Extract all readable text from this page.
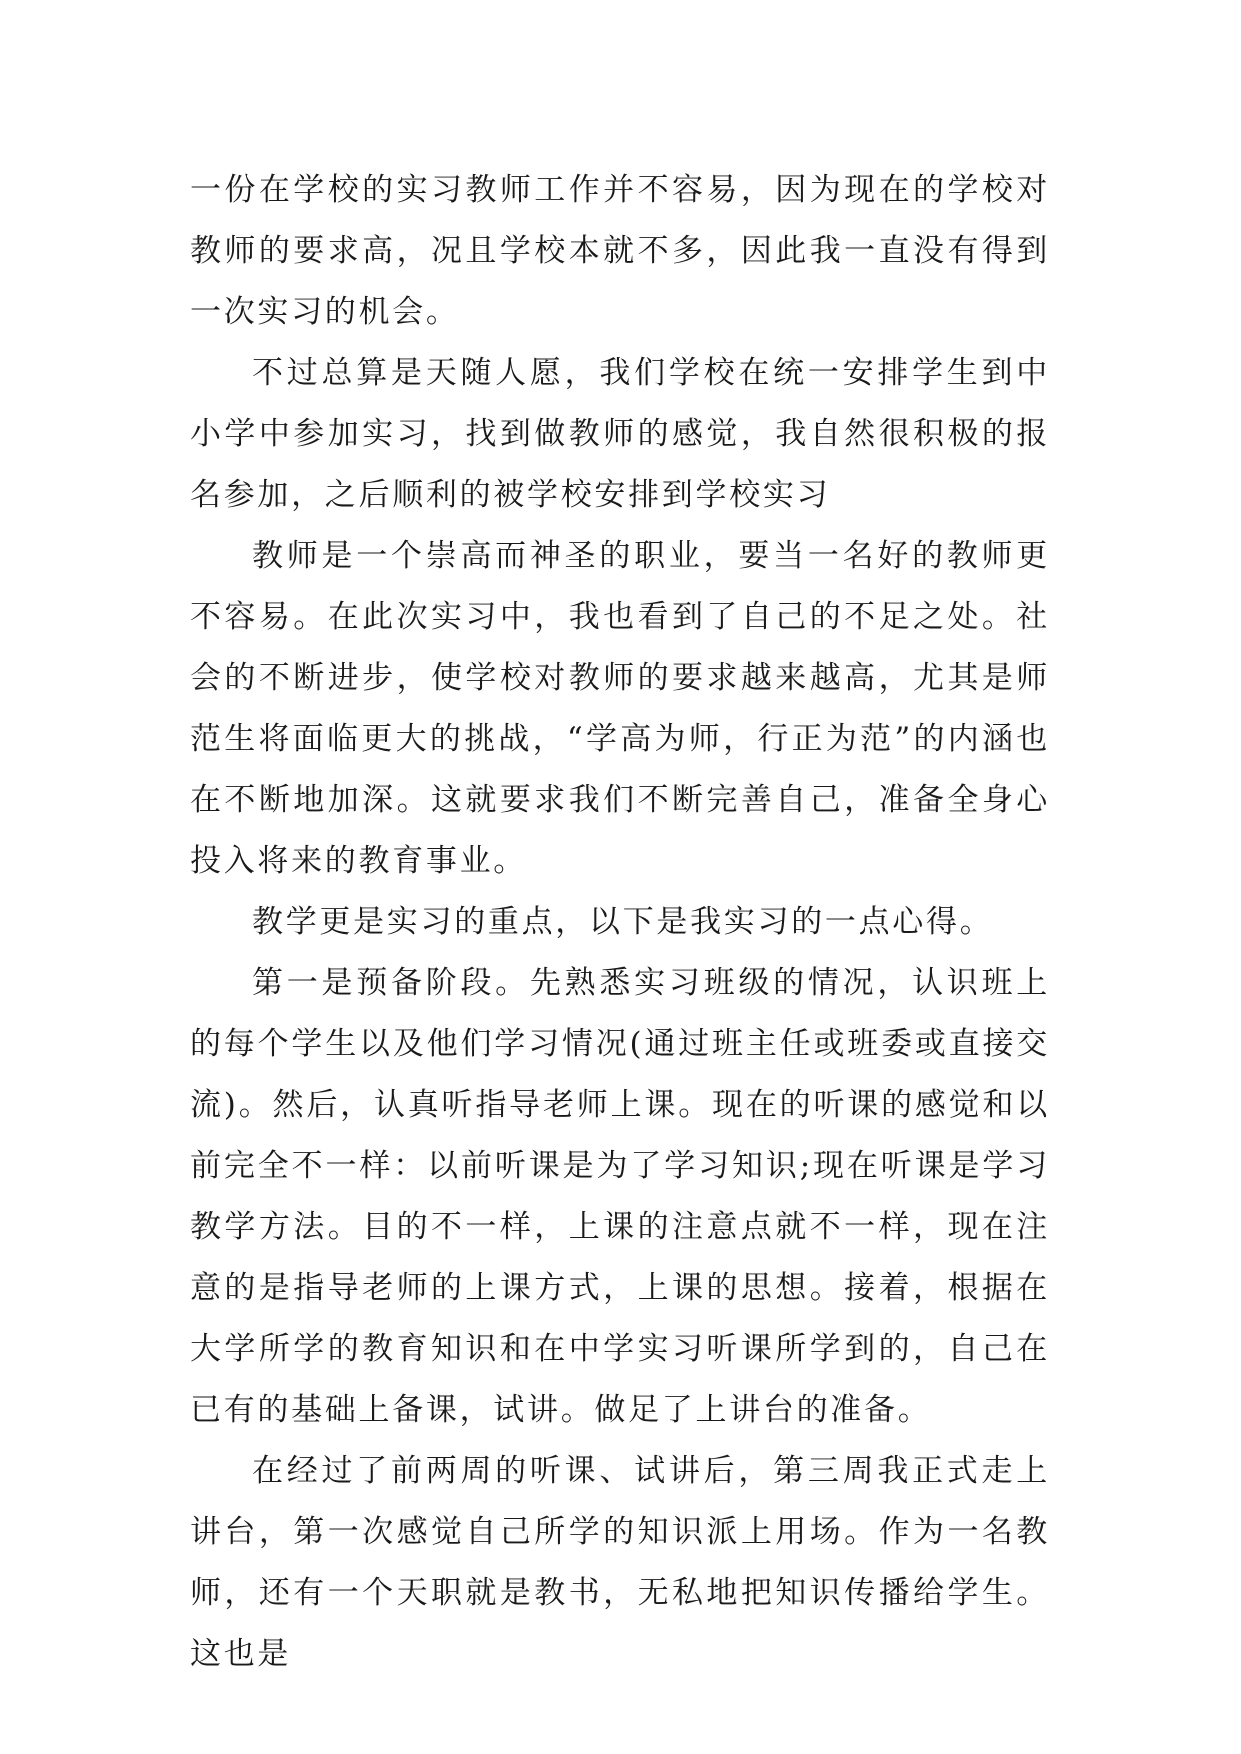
一份在学校的实习教师工作并不容易，因为现在的学校对教师的要求高，况且学校本就不多，因此我一直没有得到一次实习的机会。

不过总算是天随人愿，我们学校在统一安排学生到中小学中参加实习，找到做教师的感觉，我自然很积极的报名参加，之后顺利的被学校安排到学校实习

教师是一个崇高而神圣的职业，要当一名好的教师更不容易。在此次实习中，我也看到了自己的不足之处。社会的不断进步，使学校对教师的要求越来越高，尤其是师范生将面临更大的挑战，“学高为师，行正为范”的内涵也在不断地加深。这就要求我们不断完善自己，准备全身心投入将来的教育事业。

教学更是实习的重点，以下是我实习的一点心得。

第一是预备阶段。先熟悉实习班级的情况，认识班上的每个学生以及他们学习情况(通过班主任或班委或直接交流)。然后，认真听指导老师上课。现在的听课的感觉和以前完全不一样：以前听课是为了学习知识;现在听课是学习教学方法。目的不一样，上课的注意点就不一样，现在注意的是指导老师的上课方式，上课的思想。接着，根据在大学所学的教育知识和在中学实习听课所学到的，自己在已有的基础上备课，试讲。做足了上讲台的准备。

在经过了前两周的听课、试讲后，第三周我正式走上讲台，第一次感觉自己所学的知识派上用场。作为一名教师，还有一个天职就是教书，无私地把知识传播给学生。这也是
